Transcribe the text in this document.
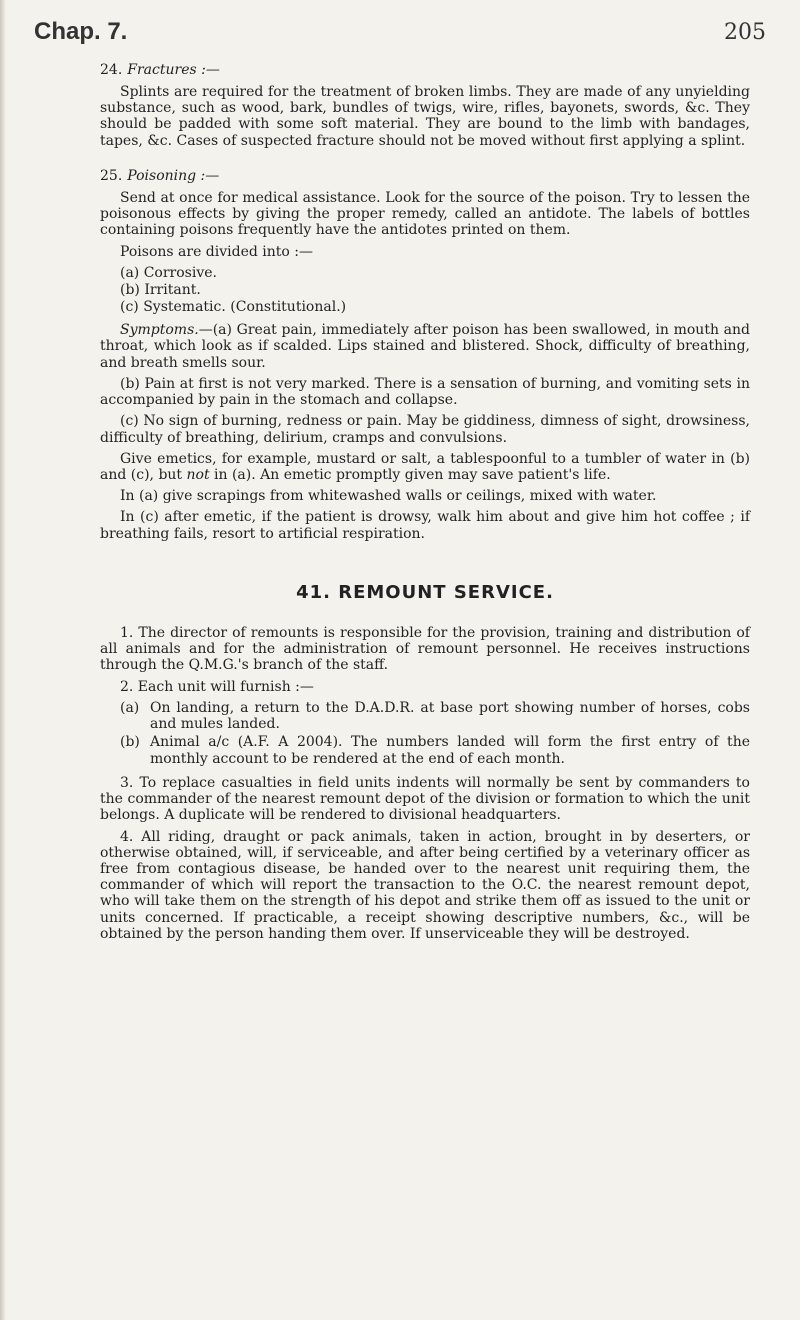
Chap. 7.	205
24. Fractures :—

Splints are required for the treatment of broken limbs. They are made of any unyielding substance, such as wood, bark, bundles of twigs, wire, rifles, bayonets, swords, &c. They should be padded with some soft material. They are bound to the limb with bandages, tapes, &c. Cases of suspected fracture should not be moved without first applying a splint.

25. Poisoning :—

Send at once for medical assistance. Look for the source of the poison. Try to lessen the poisonous effects by giving the proper remedy, called an antidote. The labels of bottles containing poisons frequently have the antidotes printed on them.

Poisons are divided into :—

(a) Corrosive.
(b) Irritant.
(c) Systematic. (Constitutional.)

Symptoms.—(a) Great pain, immediately after poison has been swallowed, in mouth and throat, which look as if scalded. Lips stained and blistered. Shock, difficulty of breathing, and breath smells sour.

(b) Pain at first is not very marked. There is a sensation of burning, and vomiting sets in accompanied by pain in the stomach and collapse.

(c) No sign of burning, redness or pain. May be giddiness, dimness of sight, drowsiness, difficulty of breathing, delirium, cramps and convulsions.

Give emetics, for example, mustard or salt, a tablespoonful to a tumbler of water in (b) and (c), but not in (a). An emetic promptly given may save patient's life.

In (a) give scrapings from whitewashed walls or ceilings, mixed with water.

In (c) after emetic, if the patient is drowsy, walk him about and give him hot coffee ; if breathing fails, resort to artificial respiration.

41. REMOUNT SERVICE.

1. The director of remounts is responsible for the provision, training and distribution of all animals and for the administration of remount personnel. He receives instructions through the Q.M.G.'s branch of the staff.

2. Each unit will furnish :—

(a) On landing, a return to the D.A.D.R. at base port showing number of horses, cobs and mules landed.
(b) Animal a/c (A.F. A 2004). The numbers landed will form the first entry of the monthly account to be rendered at the end of each month.

3. To replace casualties in field units indents will normally be sent by commanders to the commander of the nearest remount depot of the division or formation to which the unit belongs. A duplicate will be rendered to divisional headquarters.

4. All riding, draught or pack animals, taken in action, brought in by deserters, or otherwise obtained, will, if serviceable, and after being certified by a veterinary officer as free from contagious disease, be handed over to the nearest unit requiring them, the commander of which will report the transaction to the O.C. the nearest remount depot, who will take them on the strength of his depot and strike them off as issued to the unit or units concerned. If practicable, a receipt showing descriptive numbers, &c., will be obtained by the person handing them over. If unserviceable they will be destroyed.
